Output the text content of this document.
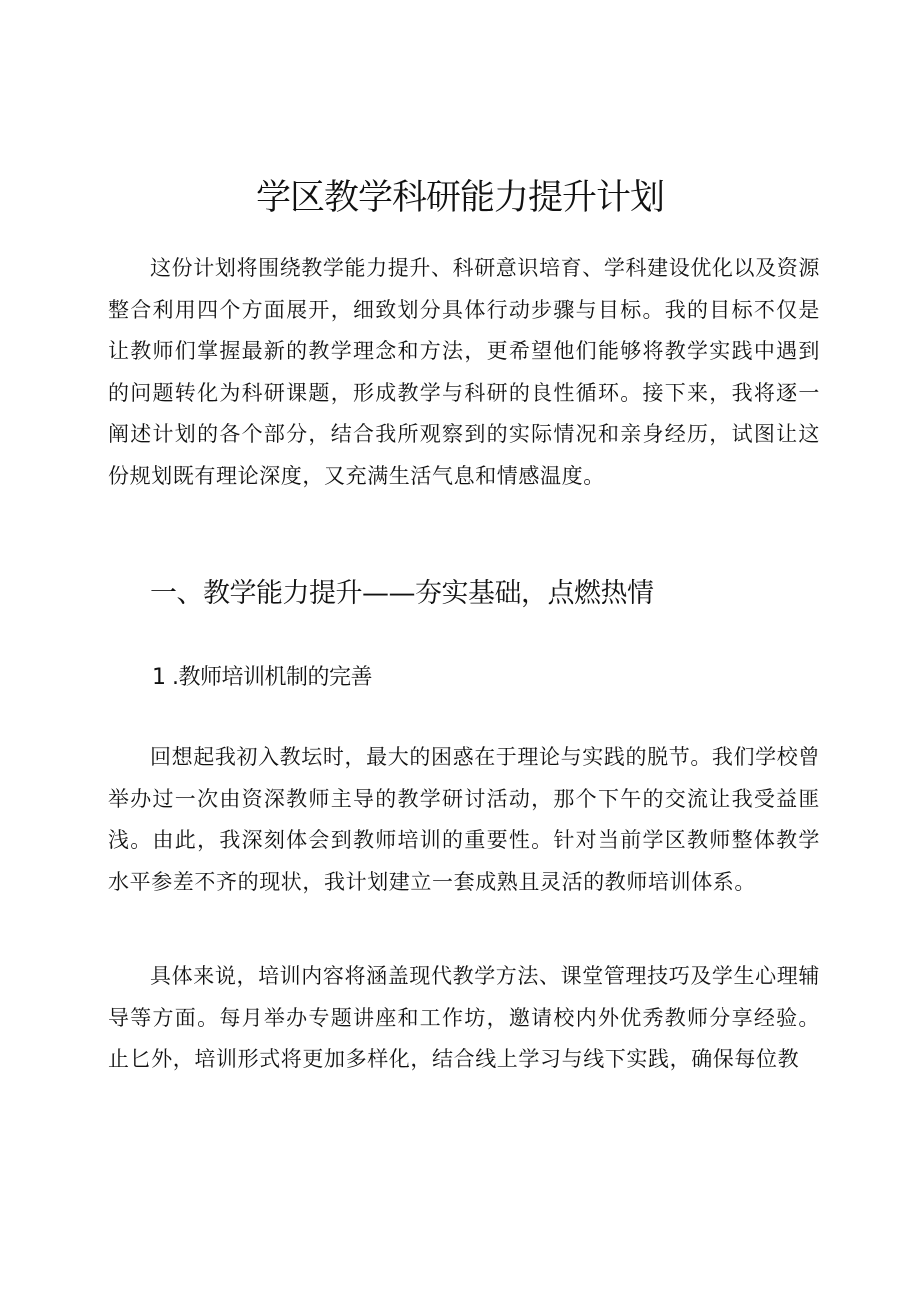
学区教学科研能力提升计划

这份计划将围绕教学能力提升、科研意识培育、学科建设优化以及资源整合利用四个方面展开，细致划分具体行动步骤与目标。我的目标不仅是让教师们掌握最新的教学理念和方法，更希望他们能够将教学实践中遇到的问题转化为科研课题，形成教学与科研的良性循环。接下来，我将逐一阐述计划的各个部分，结合我所观察到的实际情况和亲身经历，试图让这份规划既有理论深度，又充满生活气息和情感温度。

一、教学能力提升——夯实基础，点燃热情
1 .教师培训机制的完善

回想起我初入教坛时，最大的困惑在于理论与实践的脱节。我们学校曾举办过一次由资深教师主导的教学研讨活动，那个下午的交流让我受益匪浅。由此，我深刻体会到教师培训的重要性。针对当前学区教师整体教学水平参差不齐的现状，我计划建立一套成熟且灵活的教师培训体系。

具体来说，培训内容将涵盖现代教学方法、课堂管理技巧及学生心理辅导等方面。每月举办专题讲座和工作坊，邀请校内外优秀教师分享经验。止匕外，培训形式将更加多样化，结合线上学习与线下实践，确保每位教
